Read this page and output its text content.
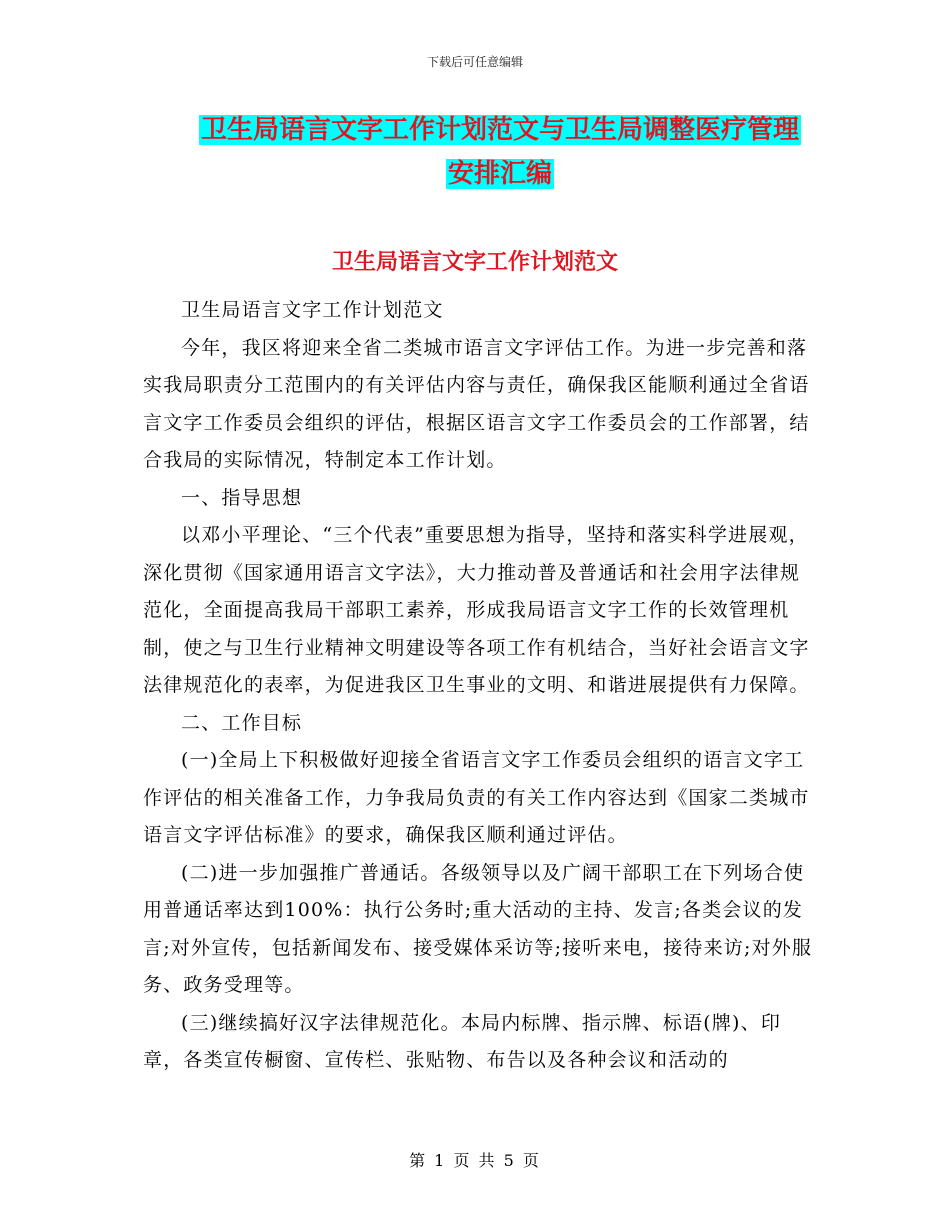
下载后可任意编辑
卫生局语言文字工作计划范文与卫生局调整医疗管理
安排汇编
卫生局语言文字工作计划范文

卫生局语言文字工作计划范文

今年，我区将迎来全省二类城市语言文字评估工作。为进一步完善和落实我局职责分工范围内的有关评估内容与责任，确保我区能顺利通过全省语言文字工作委员会组织的评估，根据区语言文字工作委员会的工作部署，结合我局的实际情况，特制定本工作计划。

一、指导思想

以邓小平理论、“三个代表”重要思想为指导，坚持和落实科学进展观，深化贯彻《国家通用语言文字法》，大力推动普及普通话和社会用字法律规范化，全面提高我局干部职工素养，形成我局语言文字工作的长效管理机制，使之与卫生行业精神文明建设等各项工作有机结合，当好社会语言文字法律规范化的表率，为促进我区卫生事业的文明、和谐进展提供有力保障。

二、工作目标

(一)全局上下积极做好迎接全省语言文字工作委员会组织的语言文字工作评估的相关准备工作，力争我局负责的有关工作内容达到《国家二类城市语言文字评估标准》的要求，确保我区顺利通过评估。

(二)进一步加强推广普通话。各级领导以及广阔干部职工在下列场合使用普通话率达到100%：执行公务时;重大活动的主持、发言;各类会议的发言;对外宣传，包括新闻发布、接受媒体采访等;接听来电，接待来访;对外服务、政务受理等。

(三)继续搞好汉字法律规范化。本局内标牌、指示牌、标语(牌)、印章，各类宣传橱窗、宣传栏、张贴物、布告以及各种会议和活动的

第 1 页 共 5 页
